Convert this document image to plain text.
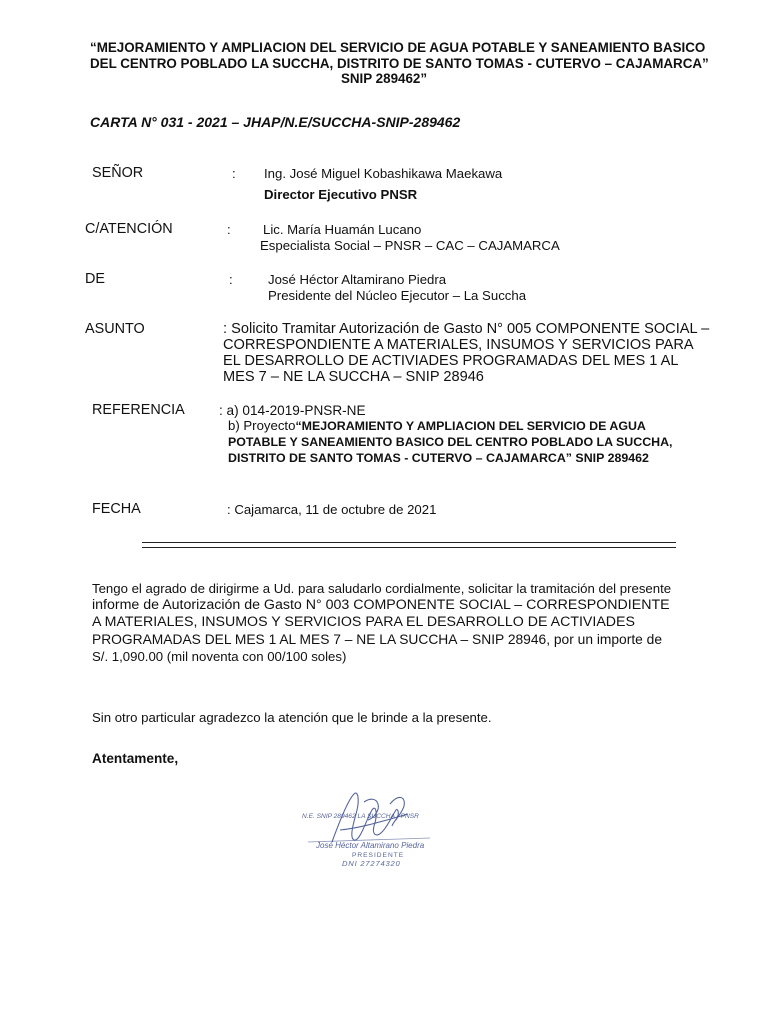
“MEJORAMIENTO Y AMPLIACION DEL SERVICIO DE AGUA POTABLE Y SANEAMIENTO BASICO
DEL CENTRO POBLADO LA SUCCHA, DISTRITO DE SANTO TOMAS - CUTERVO – CAJAMARCA”
SNIP 289462”
CARTA N° 031 - 2021 – JHAP/N.E/SUCCHA-SNIP-289462
SEÑOR	: Ing. José Miguel Kobashikawa Maekawa
Director Ejecutivo PNSR
C/ATENCIÓN	: Lic. María Huamán Lucano
Especialista Social – PNSR – CAC – CAJAMARCA
DE	:	José Héctor Altamirano Piedra
Presidente del Núcleo Ejecutor – La Succha
ASUNTO	: Solicito Tramitar Autorización de Gasto N° 005 COMPONENTE SOCIAL –
CORRESPONDIENTE A MATERIALES, INSUMOS Y SERVICIOS PARA
EL DESARROLLO DE ACTIVIADES PROGRAMADAS DEL MES 1 AL
MES 7 – NE LA SUCCHA – SNIP 28946
REFERENCIA	: a) 014-2019-PNSR-NE
b) Proyecto“MEJORAMIENTO Y AMPLIACION DEL SERVICIO DE AGUA
POTABLE Y SANEAMIENTO BASICO DEL CENTRO POBLADO LA SUCCHA,
DISTRITO DE SANTO TOMAS - CUTERVO – CAJAMARCA” SNIP 289462
FECHA	: Cajamarca, 11 de octubre de 2021
Tengo el agrado de dirigirme a Ud. para saludarlo cordialmente, solicitar la tramitación del presente
informe de Autorización de Gasto N° 003 COMPONENTE SOCIAL – CORRESPONDIENTE
A MATERIALES, INSUMOS Y SERVICIOS PARA EL DESARROLLO DE ACTIVIADES
PROGRAMADAS DEL MES 1 AL MES 7 – NE LA SUCCHA – SNIP 28946, por un importe de
S/. 1,090.00 (mil noventa con 00/100 soles)
Sin otro particular agradezco la atención que le brinde a la presente.
Atentamente,
N.E. SNIP 289462 LA SUCCHA - PNSR
José Héctor Altamirano Piedra
PRESIDENTE
DNI 27274320
